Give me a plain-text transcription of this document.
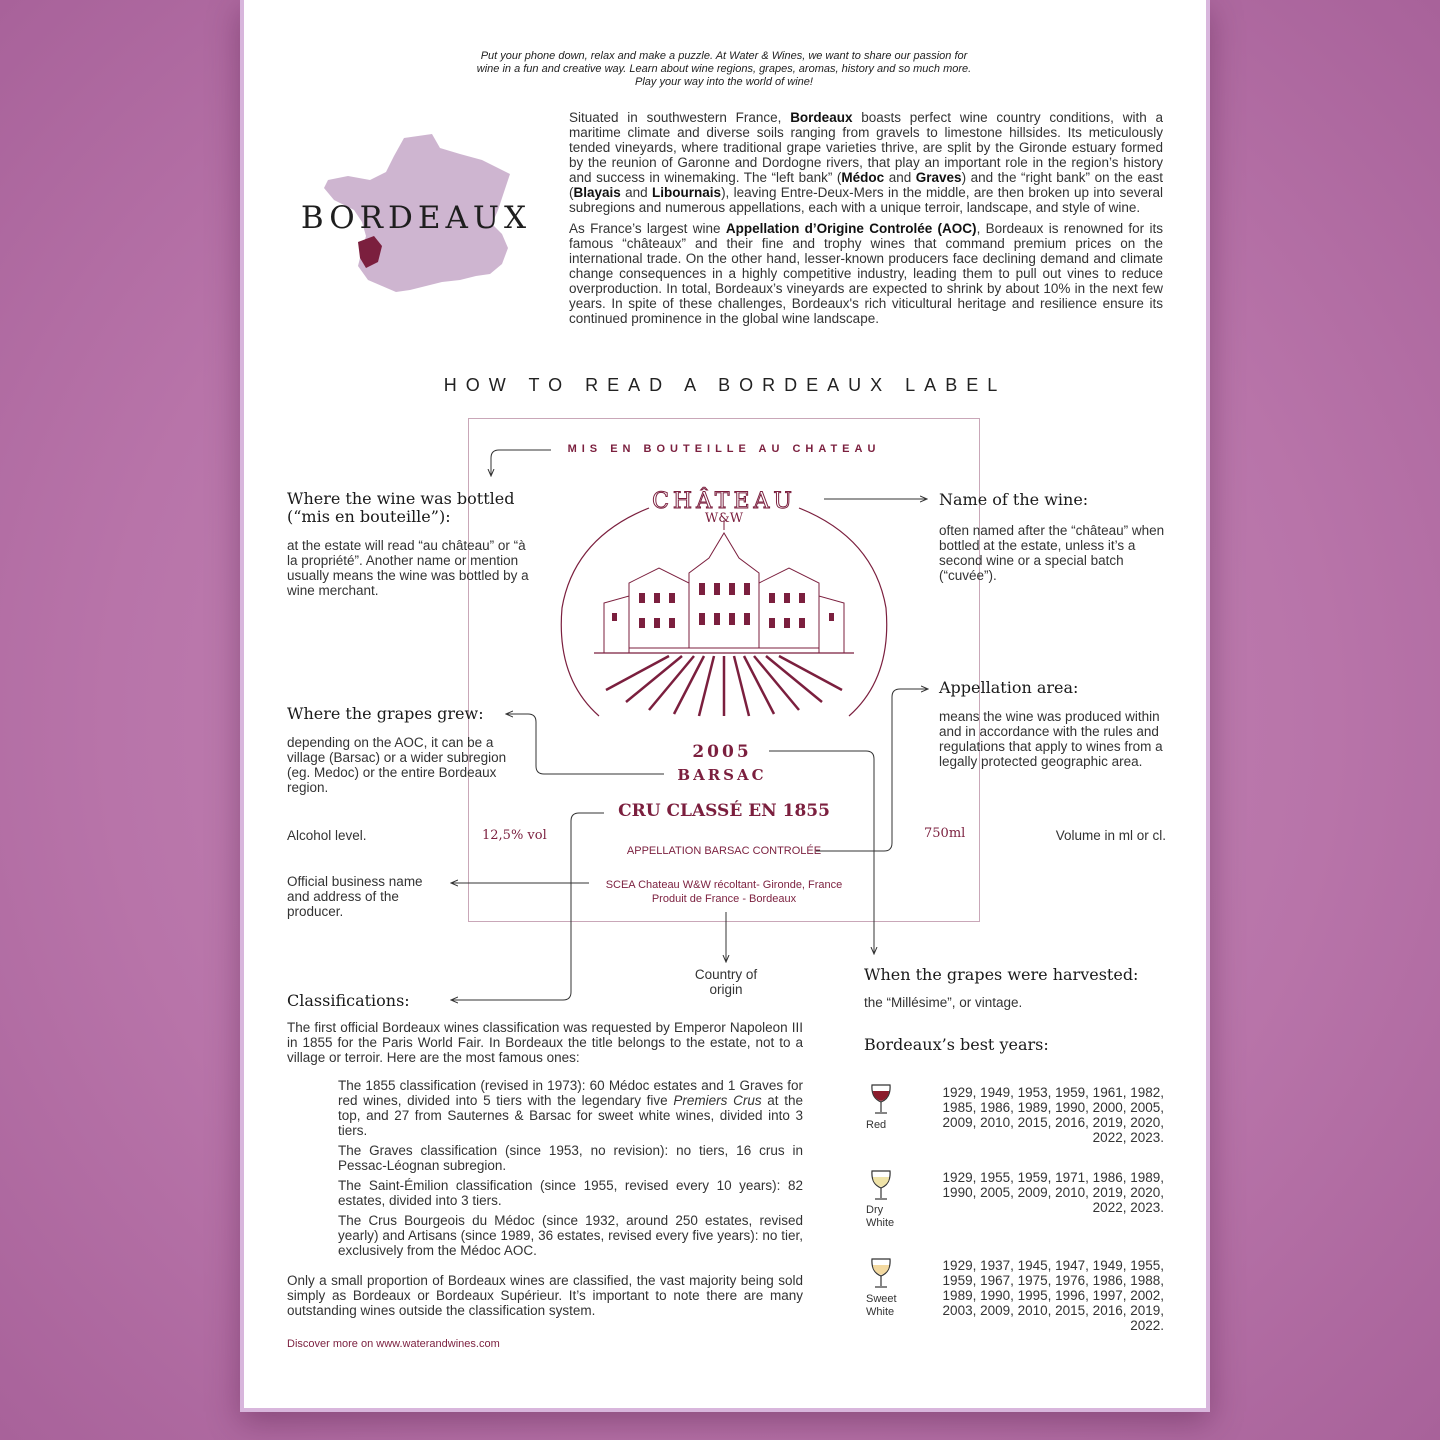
Put your phone down, relax and make a puzzle. At Water & Wines, we want to share our passion for
wine in a fun and creative way. Learn about wine regions, grapes, aromas, history and so much more.
Play your way into the world of wine!
BORDEAUX

Situated in southwestern France, Bordeaux boasts perfect wine country conditions, with a maritime climate and diverse soils ranging from gravels to limestone hillsides. Its meticulously tended vineyards, where traditional grape varieties thrive, are split by the Gironde estuary formed by the reunion of Garonne and Dordogne rivers, that play an important role in the region’s history and success in winemaking. The “left bank” (Médoc and Graves) and the “right bank” on the east (Blayais and Libournais), leaving Entre-Deux-Mers in the middle, are then broken up into several subregions and numerous appellations, each with a unique terroir, landscape, and style of wine.

As France’s largest wine Appellation d’Origine Controlée (AOC), Bordeaux is renowned for its famous “châteaux” and their fine and trophy wines that command premium prices on the international trade. On the other hand, lesser-known producers face declining demand and climate change consequences in a highly competitive industry, leading them to pull out vines to reduce overproduction. In total, Bordeaux’s vineyards are expected to shrink by about 10% in the next few years. In spite of these challenges, Bordeaux's rich viticultural heritage and resilience ensure its continued prominence in the global wine landscape.

HOW TO READ A BORDEAUX LABEL
MIS EN BOUTEILLE AU CHATEAU
CHÂTEAU
W&W
2005
BARSAC
CRU CLASSÉ EN 1855
12,5% vol	750ml
APPELLATION BARSAC CONTROLÉE
SCEA Chateau W&W récoltant- Gironde, France
Produit de France - Bordeaux
Where the wine was bottled (“mis en bouteille”):
at the estate will read “au château” or “à la propriété”. Another name or mention usually means the wine was bottled by a wine merchant.
Name of the wine:
often named after the “château” when bottled at the estate, unless it’s a second wine or a special batch (“cuvée”).
Where the grapes grew:
depending on the AOC, it can be a village (Barsac) or a wider subregion (eg. Medoc) or the entire Bordeaux region.
Appellation area:
means the wine was produced within and in accordance with the rules and regulations that apply to wines from a legally protected geographic area.
Alcohol level.	Volume in ml or cl.
Official business name and address of the producer.
Country of origin
When the grapes were harvested:
the “Millésime”, or vintage.
Classifications:
The first official Bordeaux wines classification was requested by Emperor Napoleon III in 1855 for the Paris World Fair. In Bordeaux the title belongs to the estate, not to a village or terroir. Here are the most famous ones:
The 1855 classification (revised in 1973): 60 Médoc estates and 1 Graves for red wines, divided into 5 tiers with the legendary five Premiers Crus at the top, and 27 from Sauternes & Barsac for sweet white wines, divided into 3 tiers.
The Graves classification (since 1953, no revision): no tiers, 16 crus in Pessac-Léognan subregion.
The Saint-Émilion classification (since 1955, revised every 10 years): 82 estates, divided into 3 tiers.
The Crus Bourgeois du Médoc (since 1932, around 250 estates, revised yearly) and Artisans (since 1989, 36 estates, revised every five years): no tier, exclusively from the Médoc AOC.
Only a small proportion of Bordeaux wines are classified, the vast majority being sold simply as Bordeaux or Bordeaux Supérieur. It’s important to note there are many outstanding wines outside the classification system.
Bordeaux’s best years:
Red
1929, 1949, 1953, 1959, 1961, 1982,
1985, 1986, 1989, 1990, 2000, 2005,
2009, 2010, 2015, 2016, 2019, 2020,
2022, 2023.
Dry
White
1929, 1955, 1959, 1971, 1986, 1989,
1990, 2005, 2009, 2010, 2019, 2020,
2022, 2023.
Sweet
White
1929, 1937, 1945, 1947, 1949, 1955,
1959, 1967, 1975, 1976, 1986, 1988,
1989, 1990, 1995, 1996, 1997, 2002,
2003, 2009, 2010, 2015, 2016, 2019,
2022.
Discover more on www.waterandwines.com
